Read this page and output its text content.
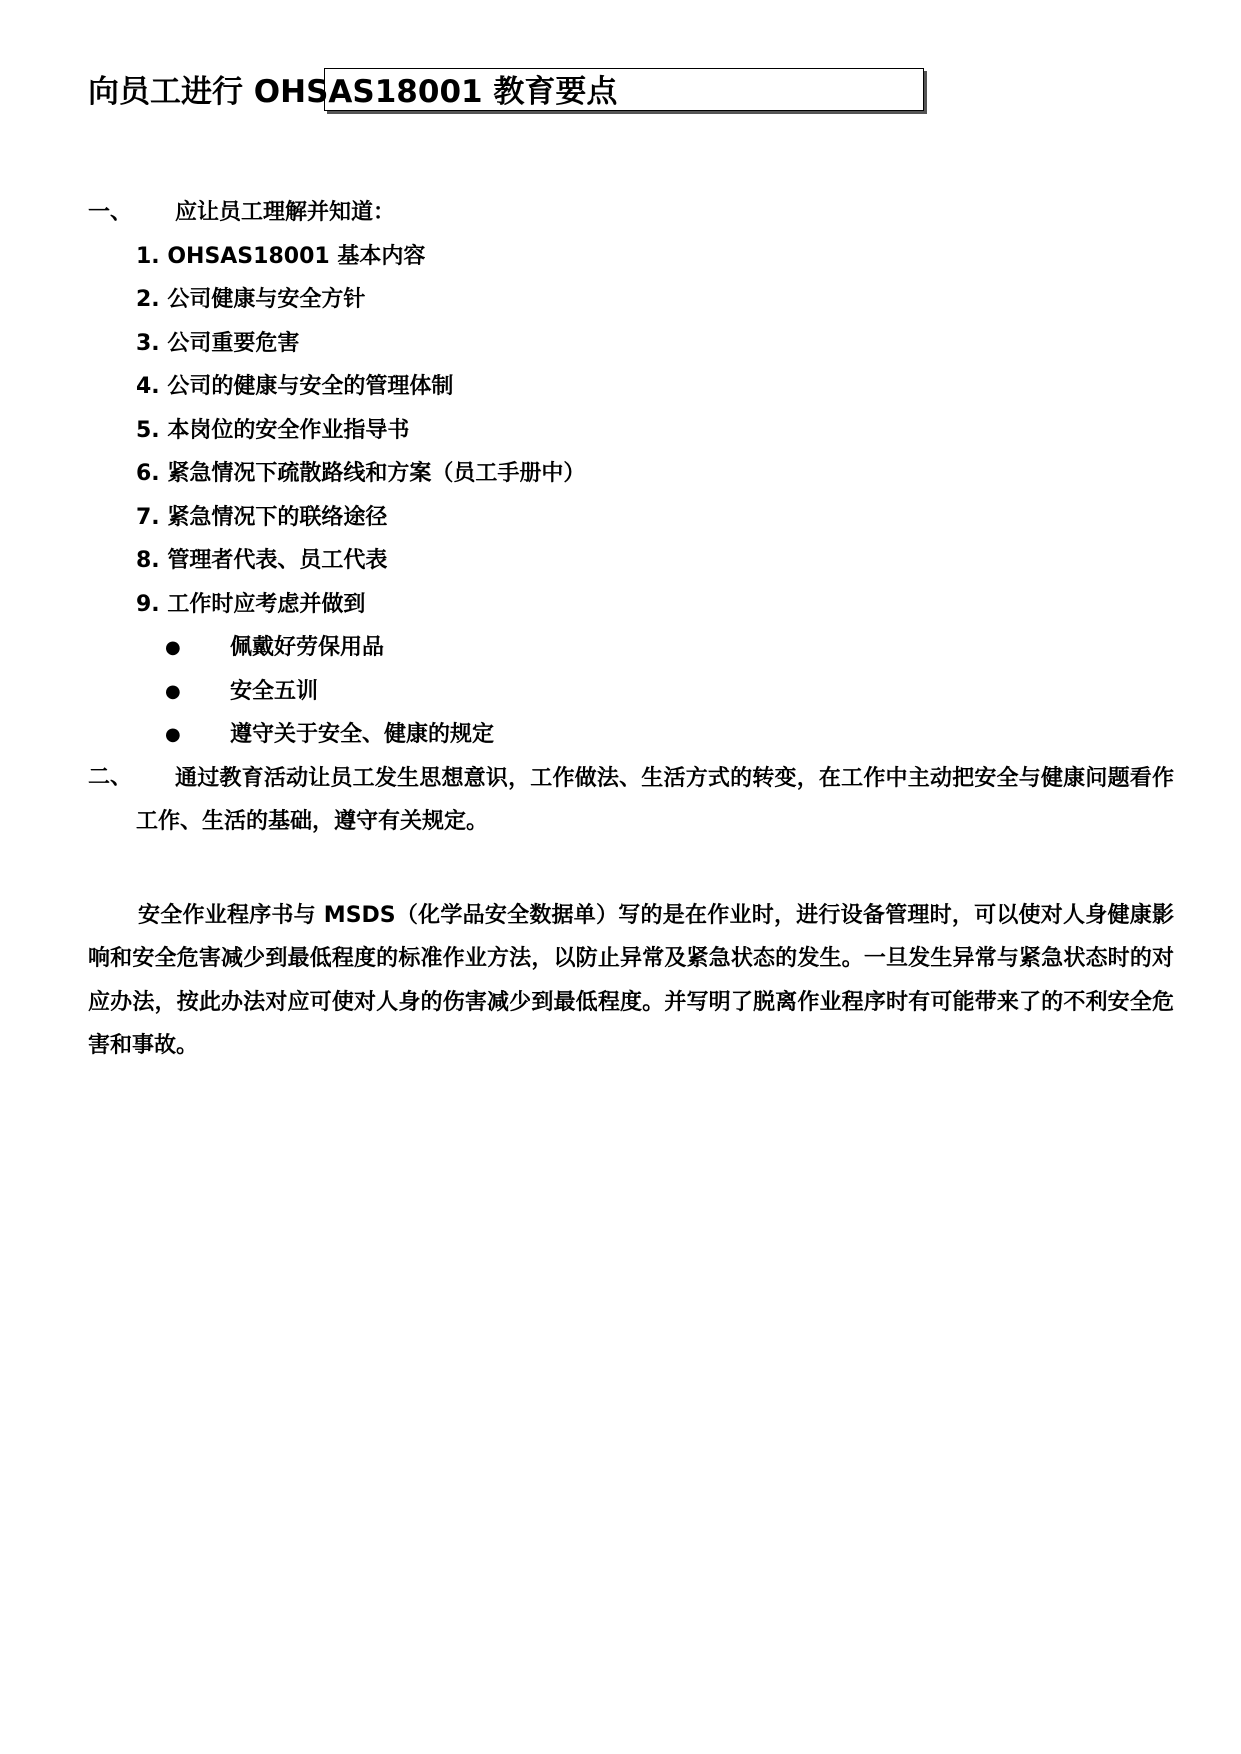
向员工进行 OHSAS18001 教育要点
一、 应让员工理解并知道：
1. OHSAS18001 基本内容
2. 公司健康与安全方针
3. 公司重要危害
4. 公司的健康与安全的管理体制
5. 本岗位的安全作业指导书
6. 紧急情况下疏散路线和方案（员工手册中）
7. 紧急情况下的联络途径
8. 管理者代表、员工代表
9. 工作时应考虑并做到
● 佩戴好劳保用品
● 安全五训
● 遵守关于安全、健康的规定
二、	通过教育活动让员工发生思想意识，工作做法、生活方式的转变，在工作中主动把安全与健康问题看作工作、生活的基础，遵守有关规定。

安全作业程序书与 MSDS（化学品安全数据单）写的是在作业时，进行设备管理时，可以使对人身健康影响和安全危害减少到最低程度的标准作业方法，以防止异常及紧急状态的发生。一旦发生异常与紧急状态时的对应办法，按此办法对应可使对人身的伤害减少到最低程度。并写明了脱离作业程序时有可能带来了的不利安全危害和事故。
